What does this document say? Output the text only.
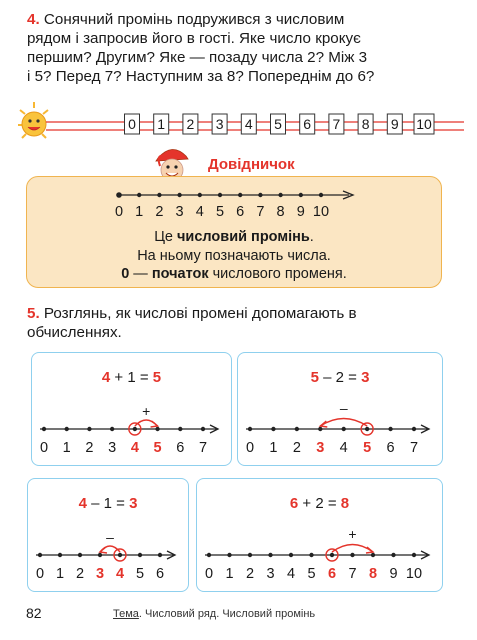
4. Сонячний промінь подружився з числовим
рядом і запросив його в гості. Яке число крокує
першим? Другим? Яке — позаду числа 2? Між 3
і 5? Перед 7? Наступним за 8? Попереднім до 6?
0 1 2 3 4 5 6 7 8 9 10
Довідничок
0 1 2 3 4 5 6 7 8 9 10
Це числовий промінь.
На ньому позначають числа.
0 — початок числового променя.
5. Розглянь, як числові промені допомагають в
обчисленнях.
4 + 1 = 5
0 1 2 3 4 5 6 7
+
5 – 2 = 3
0 1 2 3 4 5 6 7
–
4 – 1 = 3
0 1 2 3 4 5 6
–
6 + 2 = 8
0 1 2 3 4 5 6 7 8 9 10
+
82	Тема. Числовий ряд. Числовий промінь
